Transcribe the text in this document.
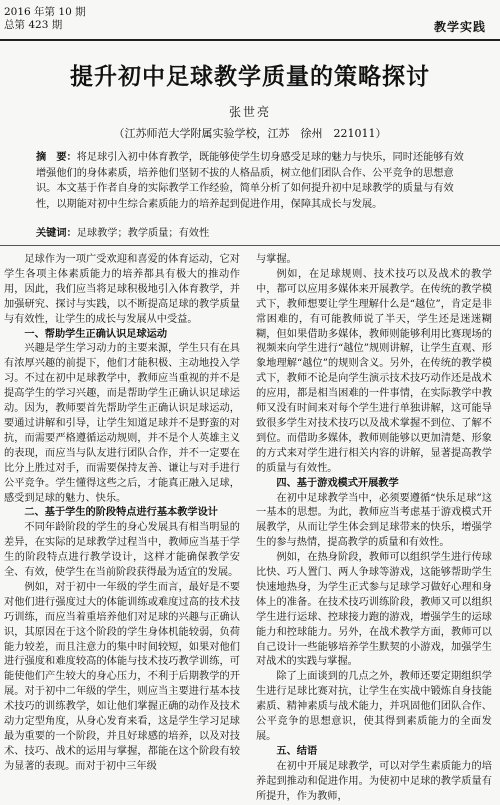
2016 年第 10 期
总第 423 期	教学实践
提升初中足球教学质量的策略探讨
张世亮
（江苏师范大学附属实验学校，江苏　徐州　221011）
摘　要：将足球引入初中体育教学，既能够使学生切身感受足球的魅力与快乐，同时还能够有效增强他们的身体素质，培养他们坚韧不拔的人格品质，树立他们团队合作、公平竞争的思想意识。本文基于作者自身的实际教学工作经验，简单分析了如何提升初中足球教学的质量与有效性，以期能对初中生综合素质能力的培养起到促进作用，保障其成长与发展。
关键词：足球教学；教学质量；有效性

足球作为一项广受欢迎和喜爱的体育运动，它对学生各项主体素质能力的培养都具有极大的推动作用，因此，我们应当将足球积极地引入体育教学，并加强研究、探讨与实践，以不断提高足球的教学质量与有效性，让学生的成长与发展从中受益。

一、帮助学生正确认识足球运动

兴趣是学生学习动力的主要来源，学生只有在具有浓厚兴趣的前提下，他们才能积极、主动地投入学习。不过在初中足球教学中，教师应当重视的并不是提高学生的学习兴趣，而是帮助学生正确认识足球运动。因为，教师要首先帮助学生正确认识足球运动，要通过讲解和引导，让学生知道足球并不是野蛮的对抗，而需要严格遵循运动规则，并不是个人英雄主义的表现，而应当与队友进行团队合作，并不一定要在比分上胜过对手，而需要保持友善、谦让与对手进行公平竞争。学生懂得这些之后，才能真正融入足球，感受到足球的魅力、快乐。

二、基于学生的阶段特点进行基本教学设计

不同年龄阶段的学生的身心发展具有相当明显的差异，在实际的足球教学过程当中，教师应当基于学生的阶段特点进行教学设计，这样才能确保教学安全、有效，使学生在当前阶段获得最为适宜的发展。

例如，对于初中一年级的学生而言，最好是不要对他们进行强度过大的体能训练或难度过高的技术技巧训练，而应当着重培养他们对足球的兴趣与正确认识，其原因在于这个阶段的学生身体机能较弱，负荷能力较差，而且注意力的集中时间较短，如果对他们进行强度和难度较高的体能与技术技巧教学训练，可能使他们产生较大的身心压力，不利于后期教学的开展。对于初中二年级的学生，则应当主要进行基本技术技巧的训练教学，如让他们掌握正确的动作及技术动力定型角度，从身心发育来看，这是学生学习足球最为重要的一个阶段，并且好球感的培养，以及对技术、技巧、战术的运用与掌握，都能在这个阶段有较为显著的表现。而对于初中三年级

与掌握。

例如，在足球规则、技术技巧以及战术的教学中，都可以应用多媒体来开展教学。在传统的教学模式下，教师想要让学生理解什么是“越位”，肯定是非常困难的，有可能教师说了半天，学生还是迷迷糊糊，但如果借助多媒体，教师则能够利用比赛现场的视频来向学生进行“越位”规则讲解，让学生直观、形象地理解“越位”的规则含义。另外，在传统的教学模式下，教师不论是向学生演示技术技巧动作还是战术的应用，都是相当困难的一件事情，在实际教学中教师又没有时间来对每个学生进行单独讲解，这可能导致很多学生对技术技巧以及战术掌握不到位、了解不到位。而借助多媒体，教师则能够以更加清楚、形象的方式来对学生进行相关内容的讲解，显著提高教学的质量与有效性。

四、基于游戏模式开展教学

在初中足球教学当中，必须要遵循“快乐足球”这一基本的思想。为此，教师应当考虑基于游戏模式开展教学，从而让学生体会到足球带来的快乐，增强学生的参与热情，提高教学的质量和有效性。

例如，在热身阶段，教师可以组织学生进行传球比快、巧人置门、两人争球等游戏，这能够帮助学生快速地热身，为学生正式参与足球学习做好心理和身体上的准备。在技术技巧训练阶段，教师又可以组织学生进行运球、控球接力跑的游戏，增强学生的运球能力和控球能力。另外，在战术教学方面，教师可以自己设计一些能够培养学生默契的小游戏，加强学生对战术的实践与掌握。

除了上面谈到的几点之外，教师还要定期组织学生进行足球比赛对抗，让学生在实战中锻炼自身技能素质、精神素质与战术能力，并巩固他们团队合作、公平竞争的思想意识，使其得到素质能力的全面发展。

五、结语

在初中开展足球教学，可以对学生素质能力的培养起到推动和促进作用。为使初中足球的教学质量有所提升，作为教师，
